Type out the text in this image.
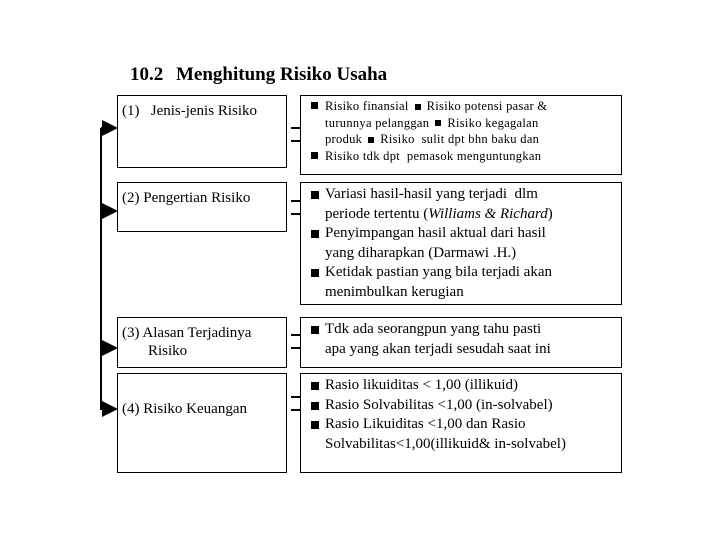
10.2 Menghitung Risiko Usaha
(1)   Jenis-jenis Risiko	Risiko finansial Risiko potensi pasar &
turunnya pelanggan Risiko kegagalan
produk Risiko  sulit dpt bhn baku dan
Risiko tdk dpt  pemasok menguntungkan
(2) Pengertian Risiko	Variasi hasil-hasil yang terjadi  dlm
periode tertentu (Williams & Richard)
Penyimpangan hasil aktual dari hasil
yang diharapkan (Darmawi .H.)
Ketidak pastian yang bila terjadi akan
menimbulkan kerugian
(3) Alasan Terjadinya
Risiko
Tdk ada seorangpun yang tahu pasti
apa yang akan terjadi sesudah saat ini
(4) Risiko Keuangan
Rasio likuiditas < 1,00 (illikuid)
Rasio Solvabilitas <1,00 (in-solvabel)
Rasio Likuiditas <1,00 dan Rasio
Solvabilitas<1,00(illikuid& in-solvabel)
